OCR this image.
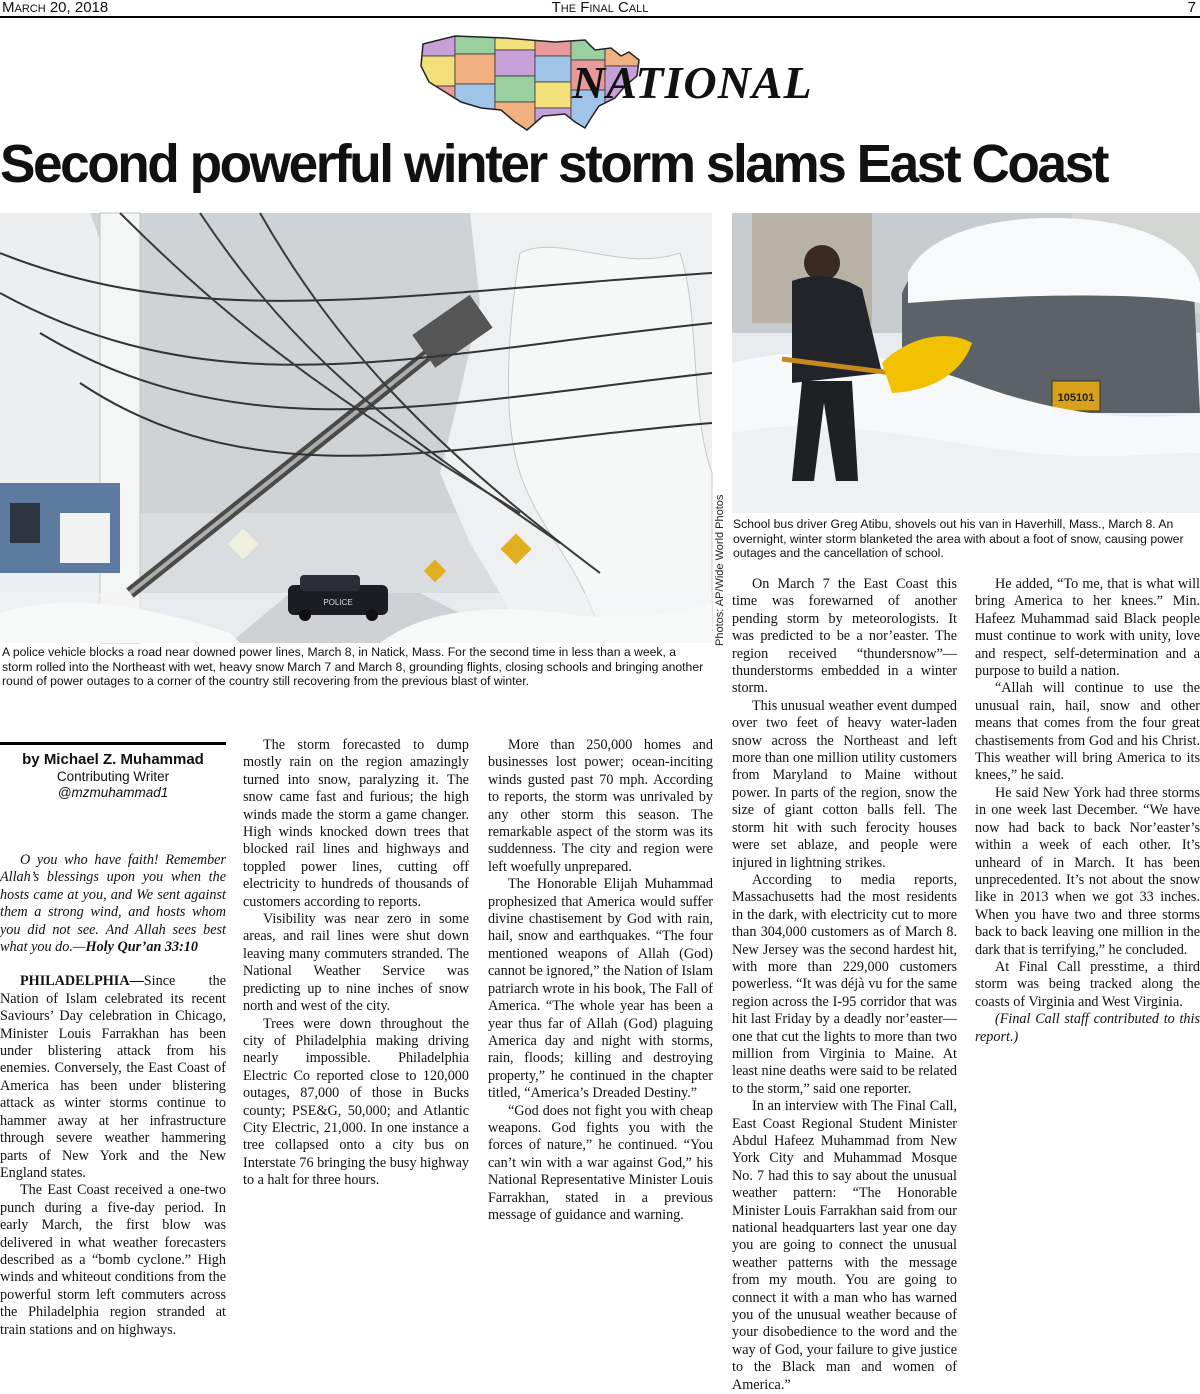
March 20, 2018	The Final Call	7
NATIONAL
Second powerful winter storm slams East Coast
POLICE
105101
Photos: AP/Wide World Photos
A police vehicle blocks a road near downed power lines, March 8, in Natick, Mass. For the second time in less than a week, a storm rolled into the Northeast with wet, heavy snow March 7 and March 8, grounding flights, closing schools and bringing another round of power outages to a corner of the country still recovering from the previous blast of winter.
School bus driver Greg Atibu, shovels out his van in Haverhill, Mass., March 8. An overnight, winter storm blanketed the area with about a foot of snow, causing power outages and the cancellation of school.
by Michael Z. Muhammad
Contributing Writer
@mzmuhammad1

O you who have faith! Remember Allah’s blessings upon you when the hosts came at you, and We sent against them a strong wind, and hosts whom you did not see. And Allah sees best what you do.—Holy Qur’an 33:10

PHILADELPHIA—Since the Nation of Islam celebrated its recent Saviours’ Day celebration in Chicago, Minister Louis Farrakhan has been under blistering attack from his enemies. Conversely, the East Coast of America has been under blistering attack as winter storms continue to hammer away at her infrastructure through severe weather hammering parts of New York and the New England states.

The East Coast received a one-two punch during a five-day period. In early March, the first blow was delivered in what weather forecasters described as a “bomb cyclone.” High winds and whiteout conditions from the powerful storm left commuters across the Philadelphia region stranded at train stations and on highways.

The storm forecasted to dump mostly rain on the region amazingly turned into snow, paralyzing it. The snow came fast and furious; the high winds made the storm a game changer. High winds knocked down trees that blocked rail lines and highways and toppled power lines, cutting off electricity to hundreds of thousands of customers according to reports.

Visibility was near zero in some areas, and rail lines were shut down leaving many commuters stranded. The National Weather Service was predicting up to nine inches of snow north and west of the city.

Trees were down throughout the city of Philadelphia making driving nearly impossible. Philadelphia Electric Co reported close to 120,000 outages, 87,000 of those in Bucks county; PSE&G, 50,000; and Atlantic City Electric, 21,000. In one instance a tree collapsed onto a city bus on Interstate 76 bringing the busy highway to a halt for three hours.

More than 250,000 homes and businesses lost power; ocean-inciting winds gusted past 70 mph. According to reports, the storm was unrivaled by any other storm this season. The remarkable aspect of the storm was its suddenness. The city and region were left woefully unprepared.

The Honorable Elijah Muhammad prophesized that America would suffer divine chastisement by God with rain, hail, snow and earthquakes. “The four mentioned weapons of Allah (God) cannot be ignored,” the Nation of Islam patriarch wrote in his book, The Fall of America. “The whole year has been a year thus far of Allah (God) plaguing America day and night with storms, rain, floods; killing and destroying property,” he continued in the chapter titled, “America’s Dreaded Destiny.”

“God does not fight you with cheap weapons. God fights you with the forces of nature,” he continued. “You can’t win with a war against God,” his National Representative Minister Louis Farrakhan, stated in a previous message of guidance and warning.

On March 7 the East Coast this time was forewarned of another pending storm by meteorologists. It was predicted to be a nor’easter. The region received “thundersnow”—thunderstorms embedded in a winter storm.

This unusual weather event dumped over two feet of heavy water-laden snow across the Northeast and left more than one million utility customers from Maryland to Maine without power. In parts of the region, snow the size of giant cotton balls fell. The storm hit with such ferocity houses were set ablaze, and people were injured in lightning strikes.

According to media reports, Massachusetts had the most residents in the dark, with electricity cut to more than 304,000 customers as of March 8. New Jersey was the second hardest hit, with more than 229,000 customers powerless. “It was déjà vu for the same region across the I-95 corridor that was hit last Friday by a deadly nor’easter—one that cut the lights to more than two million from Virginia to Maine. At least nine deaths were said to be related to the storm,” said one reporter.

In an interview with The Final Call, East Coast Regional Student Minister Abdul Hafeez Muhammad from New York City and Muhammad Mosque No. 7 had this to say about the unusual weather pattern: “The Honorable Minister Louis Farrakhan said from our national headquarters last year one day you are going to connect the unusual weather patterns with the message from my mouth. You are going to connect it with a man who has warned you of the unusual weather because of your disobedience to the word and the way of God, your failure to give justice to the Black man and women of America.”

He added, “To me, that is what will bring America to her knees.” Min. Hafeez Muhammad said Black people must continue to work with unity, love and respect, self-determination and a purpose to build a nation.

“Allah will continue to use the unusual rain, hail, snow and other means that comes from the four great chastisements from God and his Christ. This weather will bring America to its knees,” he said.

He said New York had three storms in one week last December. “We have now had back to back Nor’easter’s within a week of each other. It’s unheard of in March. It has been unprecedented. It’s not about the snow like in 2013 when we got 33 inches. When you have two and three storms back to back leaving one million in the dark that is terrifying,” he concluded.

At Final Call presstime, a third storm was being tracked along the coasts of Virginia and West Virginia.

(Final Call staff contributed to this report.)
